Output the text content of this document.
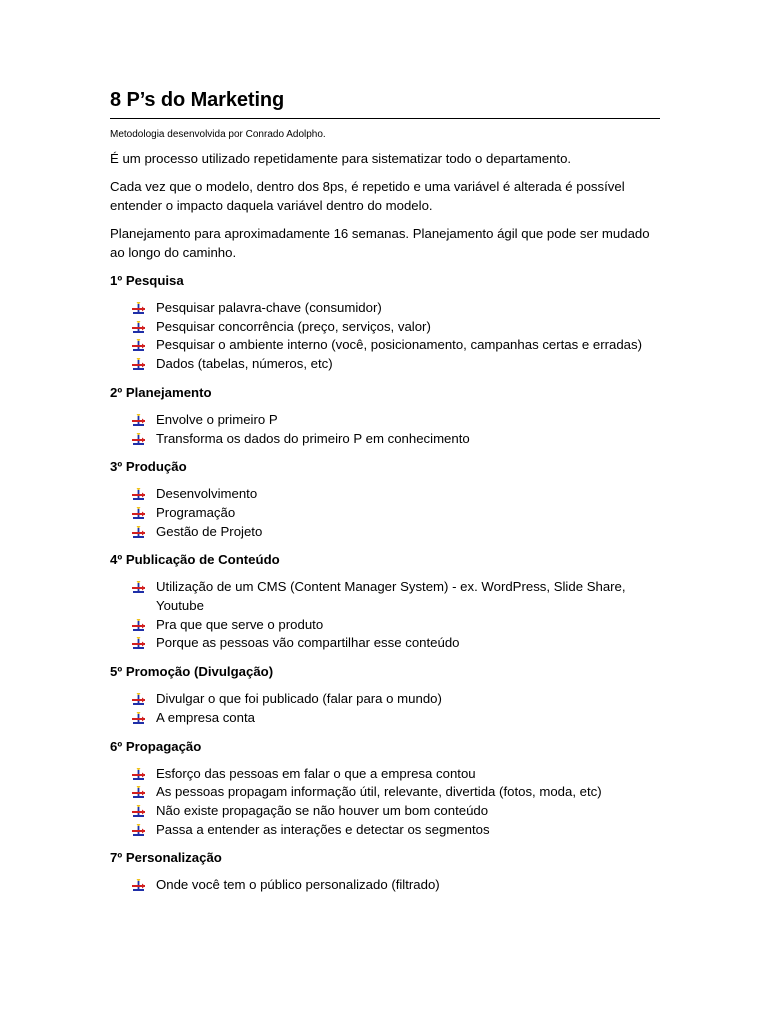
8 P’s do Marketing
Metodologia desenvolvida por Conrado Adolpho.

É um processo utilizado repetidamente para sistematizar todo o departamento.

Cada vez que o modelo, dentro dos 8ps, é repetido e uma variável é alterada é possível entender o impacto daquela variável dentro do modelo.

Planejamento para aproximadamente 16 semanas. Planejamento ágil que pode ser mudado ao longo do caminho.

1º Pesquisa
Pesquisar palavra-chave (consumidor)
Pesquisar concorrência (preço, serviços, valor)
Pesquisar o ambiente interno (você, posicionamento, campanhas certas e erradas)
Dados (tabelas, números, etc)
2º Planejamento
Envolve o primeiro P
Transforma os dados do primeiro P em conhecimento
3º Produção
Desenvolvimento
Programação
Gestão de Projeto
4º Publicação de Conteúdo
Utilização de um CMS (Content Manager System) - ex. WordPress, Slide Share, Youtube
Pra que que serve o produto
Porque as pessoas vão compartilhar esse conteúdo
5º Promoção (Divulgação)
Divulgar o que foi publicado (falar para o mundo)
A empresa conta
6º Propagação
Esforço das pessoas em falar o que a empresa contou
As pessoas propagam informação útil, relevante, divertida (fotos, moda, etc)
Não existe propagação se não houver um bom conteúdo
Passa a entender as interações e detectar os segmentos
7º Personalização
Onde você tem o público personalizado (filtrado)
